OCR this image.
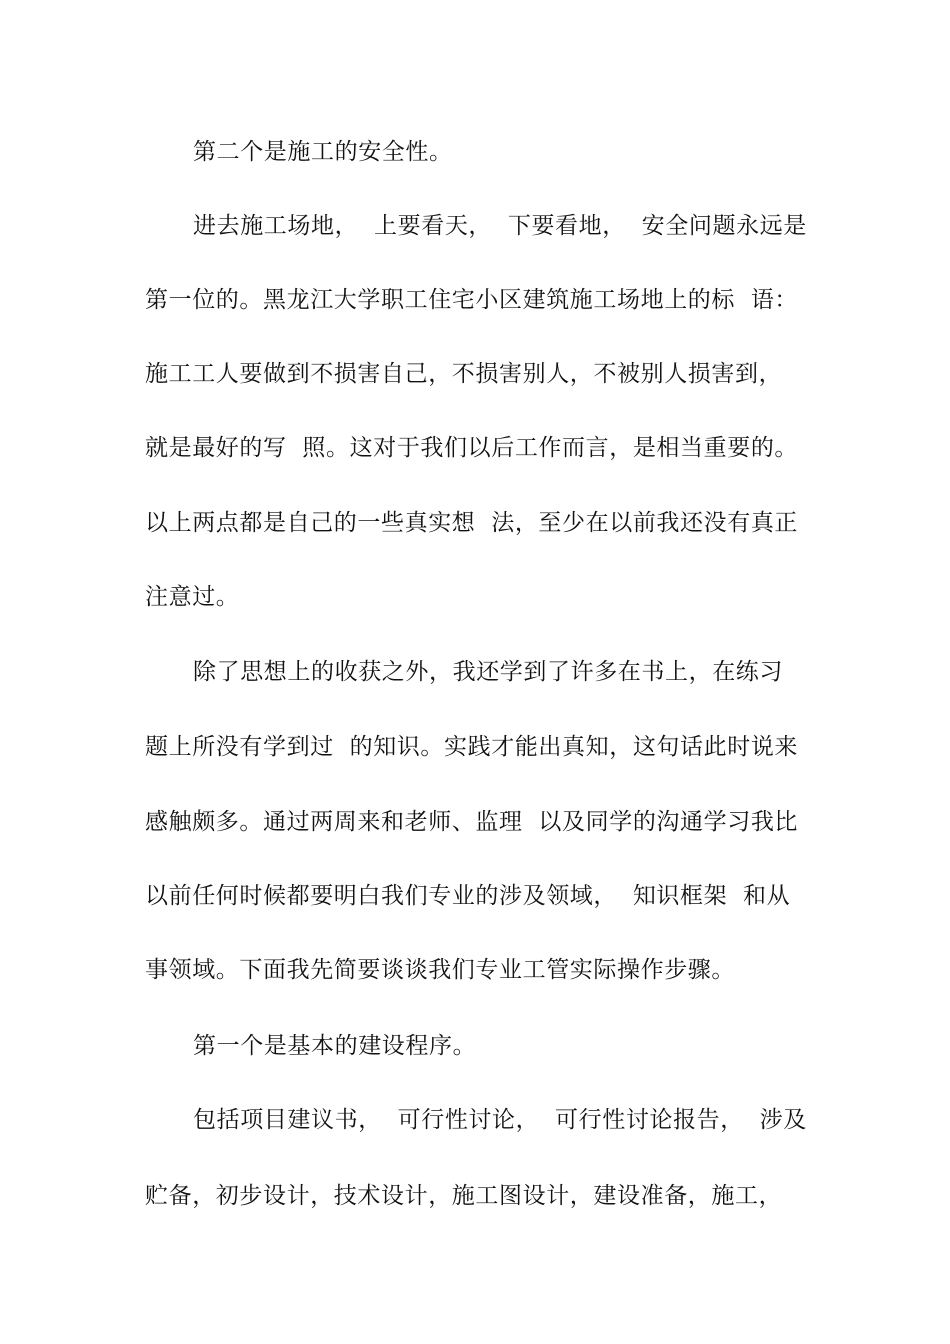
第二个是施工的安全性。
进去施工场地，  上要看天，  下要看地，  安全问题永远是
第一位的。黑龙江大学职工住宅小区建筑施工场地上的标  语：
施工工人要做到不损害自己，不损害别人，不被别人损害到，
就是最好的写  照。这对于我们以后工作而言，是相当重要的。
以上两点都是自己的一些真实想  法，至少在以前我还没有真正
注意过。
除了思想上的收获之外，我还学到了许多在书上，在练习
题上所没有学到过  的知识。实践才能出真知，这句话此时说来
感触颇多。通过两周来和老师、监理  以及同学的沟通学习我比
以前任何时候都要明白我们专业的涉及领域，  知识框架  和从
事领域。下面我先简要谈谈我们专业工管实际操作步骤。
第一个是基本的建设程序。
包括项目建议书，  可行性讨论，  可行性讨论报告，  涉及
贮备，初步设计，技术设计，施工图设计，建设准备，施工，
